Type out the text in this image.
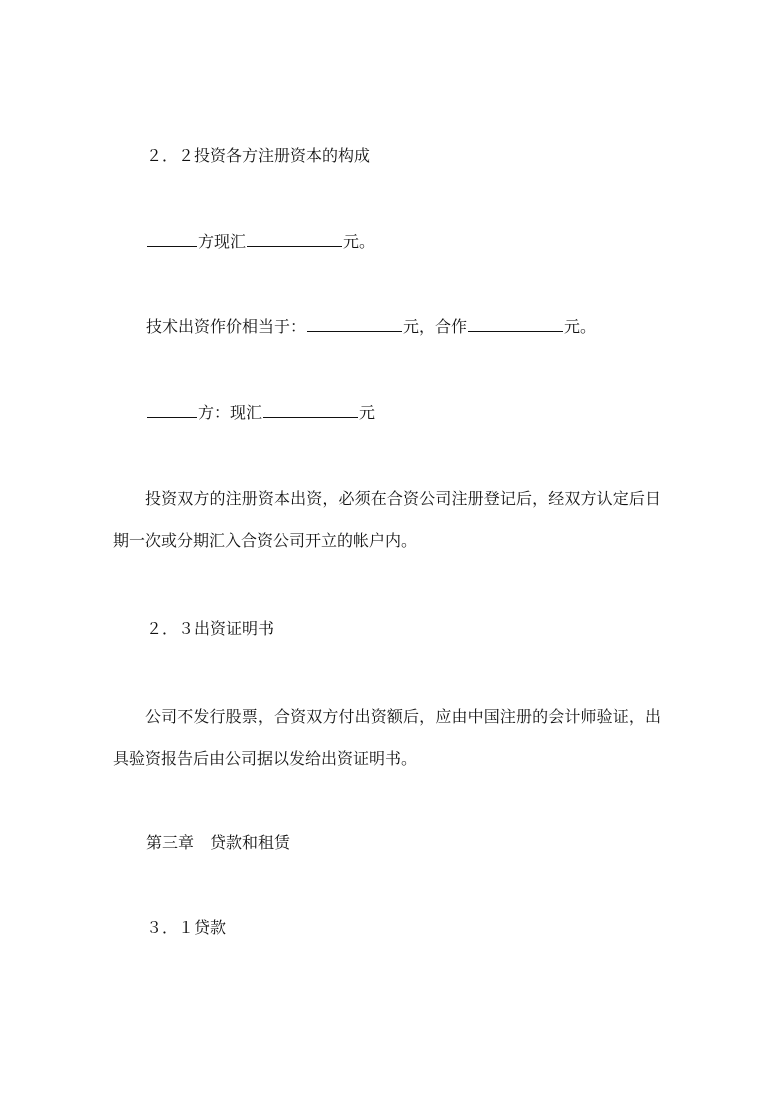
２．２投资各方注册资本的构成
方现汇	元。
技术出资作价相当于：	元，合作	元。
方：现汇	元
投资双方的注册资本出资，必须在合资公司注册登记后，经双方认定后日期一次或分期汇入合资公司开立的帐户内。
２．３出资证明书
公司不发行股票，合资双方付出资额后，应由中国注册的会计师验证，出具验资报告后由公司据以发给出资证明书。
第三章　贷款和租赁
３．１贷款
